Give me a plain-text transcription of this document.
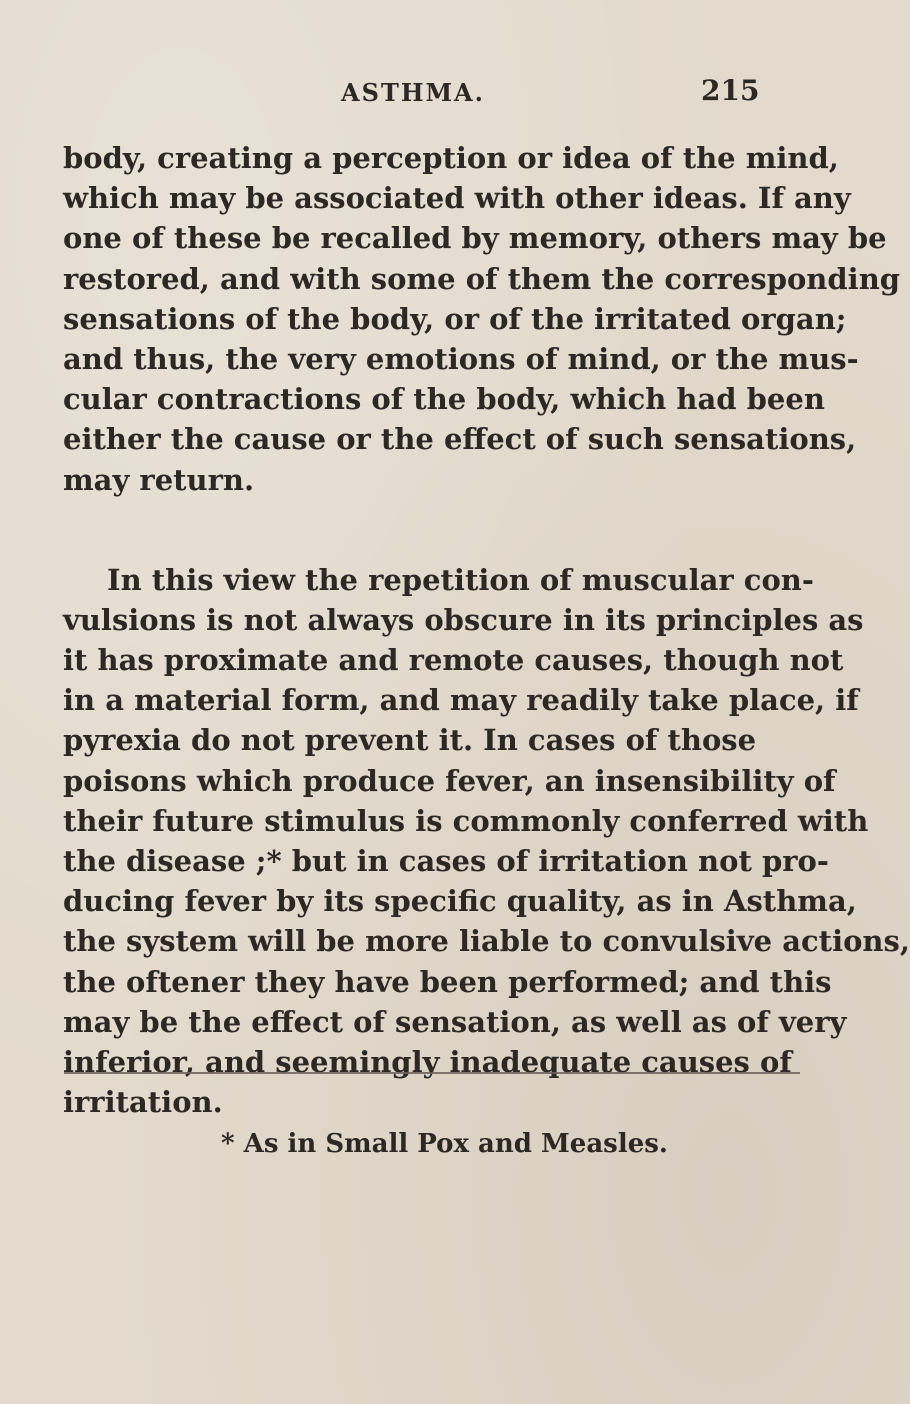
ASTHMA.	215
body, creating a perception or idea of the mind,
which may be associated with other ideas. If any
one of these be recalled by memory, others may be
restored, and with some of them the corresponding
sensations of the body, or of the irritated organ;
and thus, the very emotions of mind, or the mus-
cular contractions of the body, which had been
either the cause or the effect of such sensations,
may return.
In this view the repetition of muscular con-
vulsions is not always obscure in its principles as
it has proximate and remote causes, though not
in a material form, and may readily take place, if
pyrexia do not prevent it. In cases of those
poisons which produce fever, an insensibility of
their future stimulus is commonly conferred with
the disease ;* but in cases of irritation not pro-
ducing fever by its specific quality, as in Asthma,
the system will be more liable to convulsive actions,
the oftener they have been performed; and this
may be the effect of sensation, as well as of very
inferior, and seemingly inadequate causes of
irritation.
* As in Small Pox and Measles.
